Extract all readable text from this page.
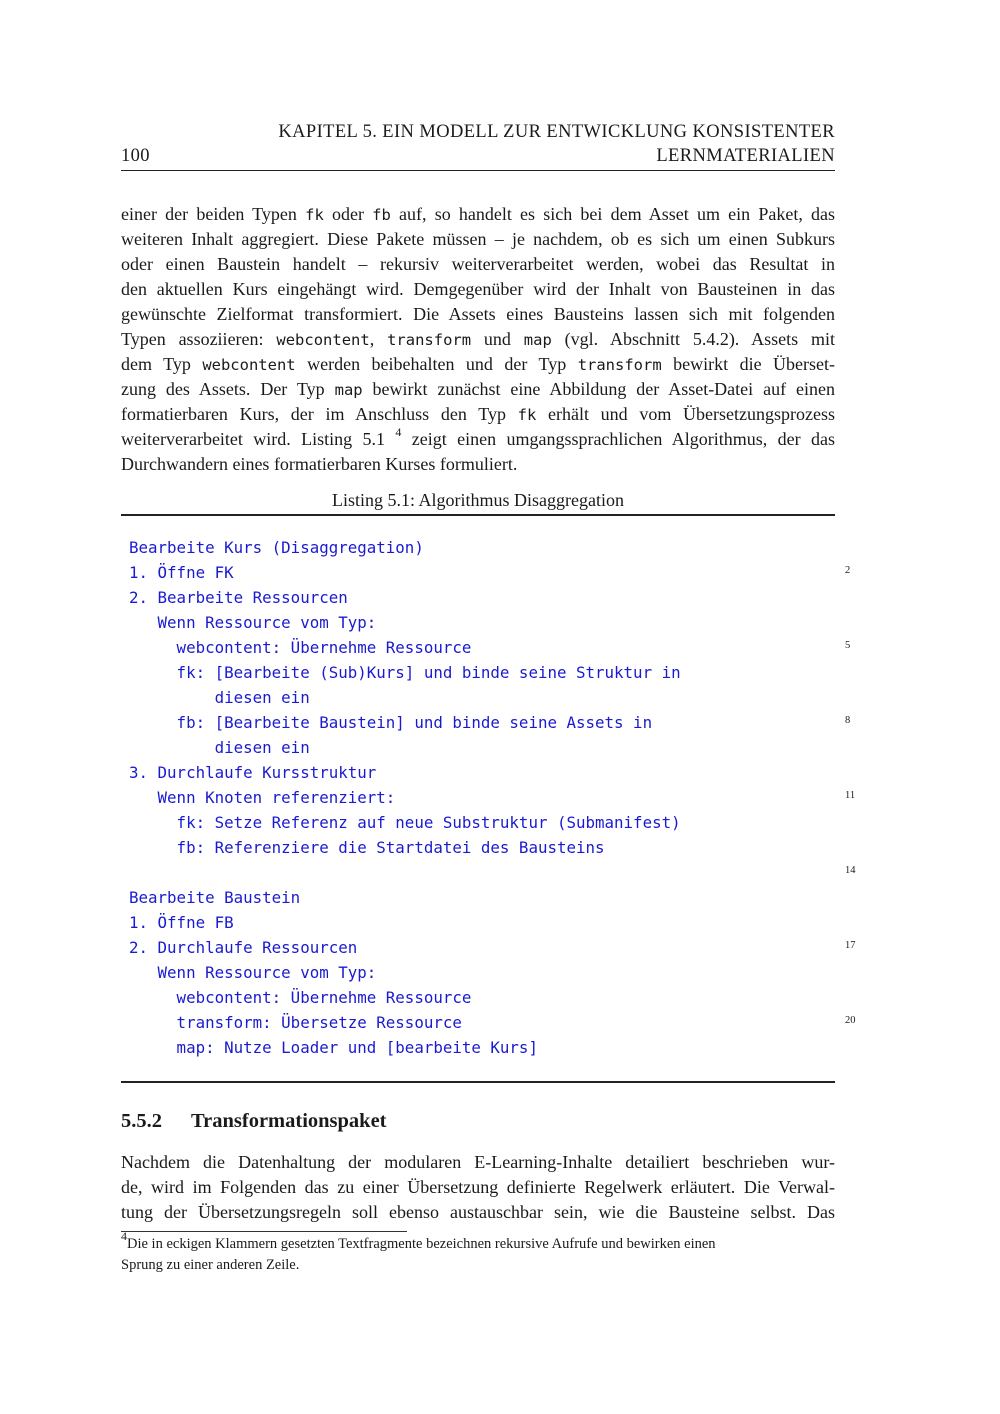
KAPITEL 5. EIN MODELL ZUR ENTWICKLUNG KONSISTENTER
100	LERNMATERIALIEN
einer der beiden Typen fk oder fb auf, so handelt es sich bei dem Asset um ein Paket, das
weiteren Inhalt aggregiert. Diese Pakete müssen – je nachdem, ob es sich um einen Subkurs
oder einen Baustein handelt – rekursiv weiterverarbeitet werden, wobei das Resultat in
den aktuellen Kurs eingehängt wird. Demgegenüber wird der Inhalt von Bausteinen in das
gewünschte Zielformat transformiert. Die Assets eines Bausteins lassen sich mit folgenden
Typen assoziieren: webcontent, transform und map (vgl. Abschnitt 5.4.2). Assets mit
dem Typ webcontent werden beibehalten und der Typ transform bewirkt die Überset-
zung des Assets. Der Typ map bewirkt zunächst eine Abbildung der Asset-Datei auf einen
formatierbaren Kurs, der im Anschluss den Typ fk erhält und vom Übersetzungsprozess
weiterverarbeitet wird. Listing 5.1 $^4$ zeigt einen umgangssprachlichen Algorithmus, der das
Durchwandern eines formatierbaren Kurses formuliert.
Listing 5.1: Algorithmus Disaggregation
Bearbeite Kurs (Disaggregation)
1. Öffne FK
2. Bearbeite Ressourcen
Wenn Ressource vom Typ:
webcontent: Übernehme Ressource
fk: [Bearbeite (Sub)Kurs] und binde seine Struktur in
diesen ein
fb: [Bearbeite Baustein] und binde seine Assets in
diesen ein
3. Durchlaufe Kursstruktur
Wenn Knoten referenziert:
fk: Setze Referenz auf neue Substruktur (Submanifest)
fb: Referenziere die Startdatei des Bausteins
Bearbeite Baustein
1. Öffne FB
2. Durchlaufe Ressourcen
Wenn Ressource vom Typ:
webcontent: Übernehme Ressource
transform: Übersetze Ressource
map: Nutze Loader und [bearbeite Kurs]
2
5
8
11
14
17
20
5.5.2 Transformationspaket
Nachdem die Datenhaltung der modularen E-Learning-Inhalte detailiert beschrieben wur-
de, wird im Folgenden das zu einer Übersetzung definierte Regelwerk erläutert. Die Verwal-
tung der Übersetzungsregeln soll ebenso austauschbar sein, wie die Bausteine selbst. Das
$^4$Die in eckigen Klammern gesetzten Textfragmente bezeichnen rekursive Aufrufe und bewirken einen
Sprung zu einer anderen Zeile.
